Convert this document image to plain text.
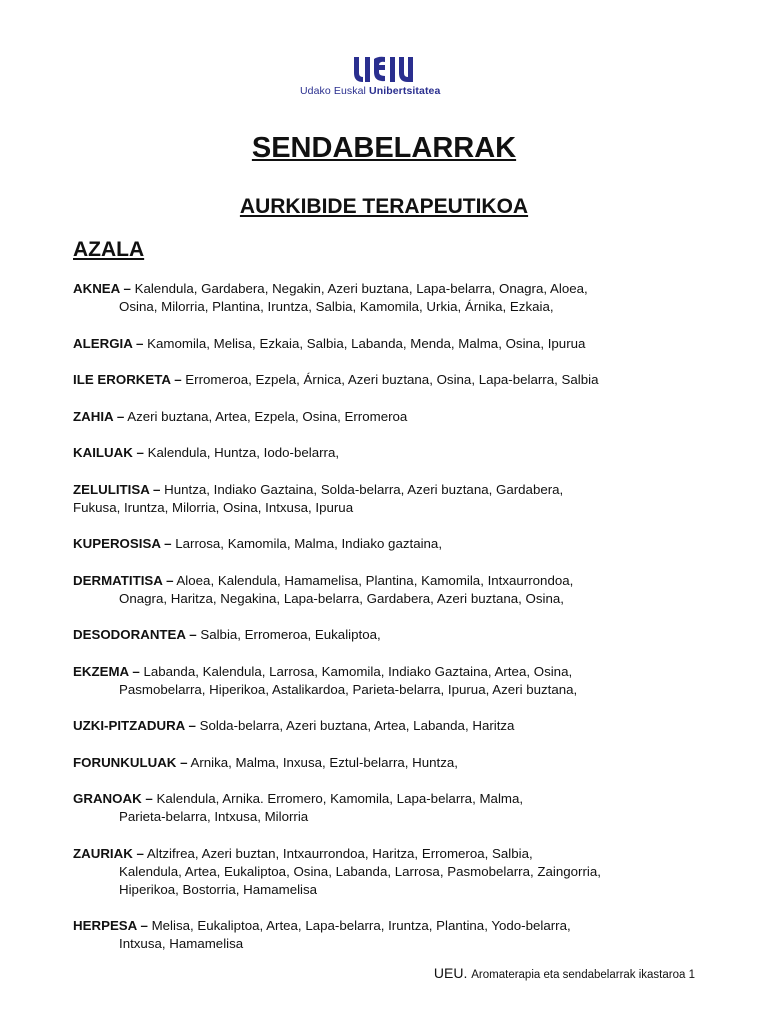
Udako Euskal Unibertsitatea
SENDABELARRAK
AURKIBIDE TERAPEUTIKOA
AZALA
AKNEA – Kalendula, Gardabera, Negakin, Azeri buztana, Lapa-belarra, Onagra, Aloea,
Osina, Milorria, Plantina, Iruntza, Salbia, Kamomila, Urkia, Árnika, Ezkaia,
ALERGIA – Kamomila, Melisa, Ezkaia, Salbia, Labanda, Menda, Malma, Osina, Ipurua
ILE ERORKETA – Erromeroa, Ezpela, Árnica, Azeri buztana, Osina, Lapa-belarra, Salbia
ZAHIA – Azeri buztana, Artea, Ezpela, Osina, Erromeroa
KAILUAK – Kalendula, Huntza, Iodo-belarra,
ZELULITISA – Huntza, Indiako Gaztaina, Solda-belarra, Azeri buztana, Gardabera,
Fukusa, Iruntza, Milorria, Osina, Intxusa, Ipurua
KUPEROSISA – Larrosa, Kamomila, Malma, Indiako gaztaina,
DERMATITISA – Aloea, Kalendula, Hamamelisa, Plantina, Kamomila, Intxaurrondoa,
Onagra, Haritza, Negakina, Lapa-belarra, Gardabera, Azeri buztana, Osina,
DESODORANTEA – Salbia, Erromeroa, Eukaliptoa,
EKZEMA – Labanda, Kalendula, Larrosa, Kamomila, Indiako Gaztaina, Artea, Osina,
Pasmobelarra, Hiperikoa, Astalikardoa, Parieta-belarra, Ipurua, Azeri buztana,
UZKI-PITZADURA – Solda-belarra, Azeri buztana, Artea, Labanda, Haritza
FORUNKULUAK – Arnika, Malma, Inxusa, Eztul-belarra, Huntza,
GRANOAK – Kalendula, Arnika. Erromero, Kamomila, Lapa-belarra, Malma,
Parieta-belarra, Intxusa, Milorria
ZAURIAK – Altzifrea, Azeri buztan, Intxaurrondoa, Haritza, Erromeroa, Salbia,
Kalendula, Artea, Eukaliptoa, Osina, Labanda, Larrosa, Pasmobelarra, Zaingorria,
Hiperikoa, Bostorria, Hamamelisa
HERPESA – Melisa, Eukaliptoa, Artea, Lapa-belarra, Iruntza, Plantina, Yodo-belarra,
Intxusa, Hamamelisa
UEU. Aromaterapia eta sendabelarrak ikastaroa 1
